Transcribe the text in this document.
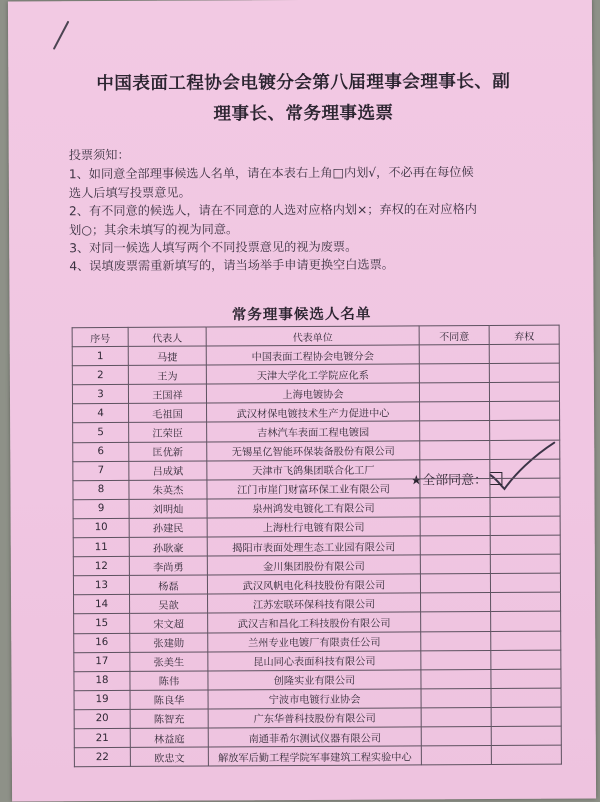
中国表面工程协会电镀分会第八届理事会理事长、副
理事长、常务理事选票
投票须知：
1、如同意全部理事候选人名单，请在本表右上角□内划√，不必再在每位候
选人后填写投票意见。
2、有不同意的候选人，请在不同意的人选对应格内划×；弃权的在对应格内
划○；其余未填写的视为同意。
3、对同一候选人填写两个不同投票意见的视为废票。
4、误填废票需重新填写的，请当场举手申请更换空白选票。
★全部同意：
常务理事候选人名单
序号	代表人	代表单位	不同意	弃权
1	马捷	中国表面工程协会电镀分会		
2	王为	天津大学化工学院应化系		
3	王国祥	上海电镀协会		
4	毛祖国	武汉材保电镀技术生产力促进中心		
5	江荣臣	吉林汽车表面工程电镀园		
6	匡优新	无锡星亿智能环保装备股份有限公司		
7	吕成斌	天津市飞鸽集团联合化工厂		
8	朱英杰	江门市崖门财富环保工业有限公司		
9	刘明灿	泉州鸿发电镀化工有限公司		
10	孙建民	上海杜行电镀有限公司		
11	孙耿豪	揭阳市表面处理生态工业园有限公司		
12	李尚勇	金川集团股份有限公司		
13	杨磊	武汉风帆电化科技股份有限公司		
14	吴歆	江苏宏联环保科技有限公司		
15	宋文超	武汉吉和昌化工科技股份有限公司		
16	张建勋	兰州专业电镀厂有限责任公司		
17	张美生	昆山同心表面科技有限公司		
18	陈伟	创隆实业有限公司		
19	陈良华	宁波市电镀行业协会		
20	陈智充	广东华普科技股份有限公司		
21	林益庭	南通菲希尔测试仪器有限公司		
22	欧忠文	解放军后勤工程学院军事建筑工程实验中心		
